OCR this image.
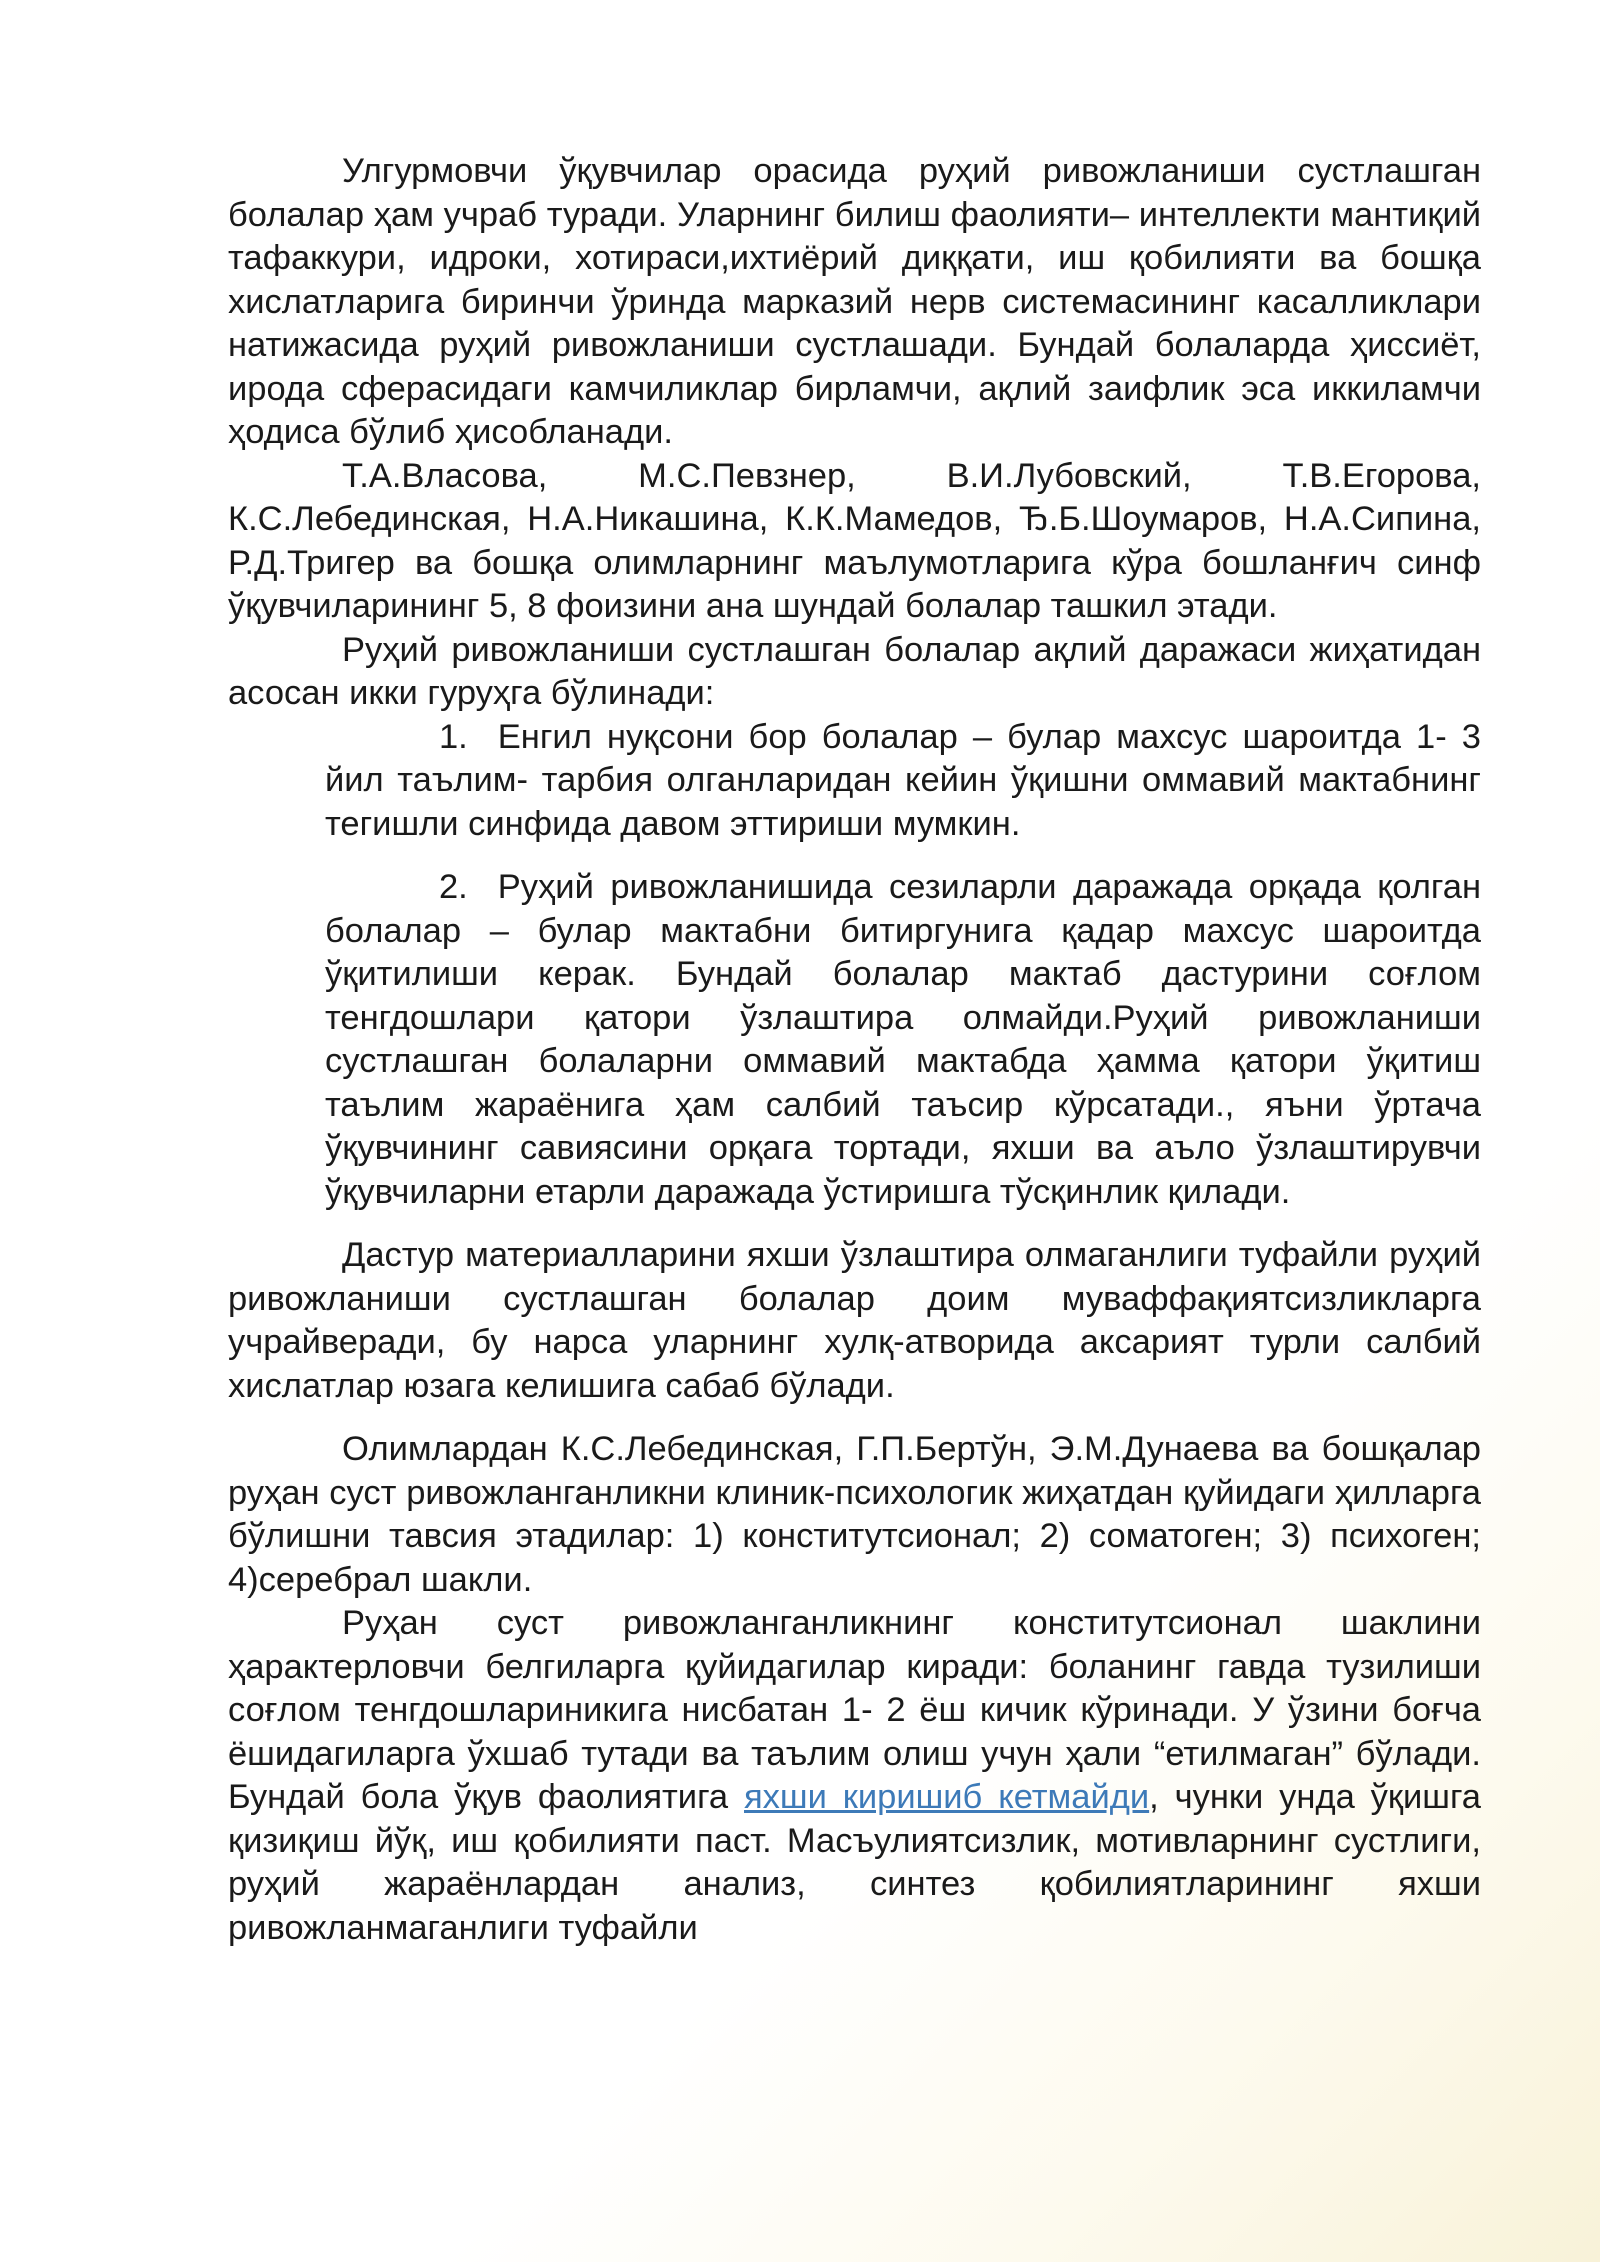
Улгурмовчи ўқувчилар орасида руҳий ривожланиши сустлашган болалар ҳам учраб туради. Уларнинг билиш фаолияти– интеллекти мантиқий тафаккури, идроки, хотираси,ихтиёрий диққати, иш қобилияти ва бошқа хислатларига биринчи ўринда марказий нерв системасининг касалликлари натижасида руҳий ривожланиши сустлашади. Бундай болаларда ҳиссиёт, ирода сферасидаги камчиликлар бирламчи, ақлий заифлик эса иккиламчи ҳодиса бўлиб ҳисобланади.

Т.А.Власова, М.С.Певзнер, В.И.Лубовский, Т.В.Егорова, К.С.Лебединская, Н.А.Никашина, К.К.Мамедов, Ђ.Б.Шоумаров, Н.А.Сипина, Р.Д.Тригер ва бошқа олимларнинг маълумотларига кўра бошланғич синф ўқувчиларининг 5, 8 фоизини ана шундай болалар ташкил этади.

Руҳий ривожланиши сустлашган болалар ақлий даражаси жиҳатидан асосан икки гуруҳга бўлинади:

1. Енгил нуқсони бор болалар – булар махсус шароитда 1- 3 йил таълим- тарбия олганларидан кейин ўқишни оммавий мактабнинг тегишли синфида давом эттириши мумкин.
2. Руҳий ривожланишида сезиларли даражада орқада қолган болалар – булар мактабни битиргунига қадар махсус шароитда ўқитилиши керак. Бундай болалар мактаб дастурини соғлом тенгдошлари қатори ўзлаштира олмайди.Руҳий ривожланиши сустлашган болаларни оммавий мактабда ҳамма қатори ўқитиш таълим жараёнига ҳам салбий таъсир кўрсатади., яъни ўртача ўқувчининг савиясини орқага тортади, яхши ва аъло ўзлаштирувчи ўқувчиларни етарли даражада ўстиришга тўсқинлик қилади.

Дастур материалларини яхши ўзлаштира олмаганлиги туфайли руҳий ривожланиши сустлашган болалар доим муваффақиятсизликларга учрайверади, бу нарса уларнинг хулқ-атворида аксарият турли салбий хислатлар юзага келишига сабаб бўлади.

Олимлардан К.С.Лебединская, Г.П.Бертўн, Э.М.Дунаева ва бошқалар руҳан суст ривожланганликни клиник-психологик жиҳатдан қуйидаги ҳилларга бўлишни тавсия этадилар: 1) конститутсионал; 2) соматоген; 3) психоген; 4)серебрал шакли.

Руҳан суст ривожланганликнинг конститутсионал шаклини ҳарактерловчи белгиларга қуйидагилар киради: боланинг гавда тузилиши соғлом тенгдошлариникига нисбатан 1- 2 ёш кичик кўринади. У ўзини боғча ёшидагиларга ўхшаб тутади ва таълим олиш учун ҳали “етилмаган” бўлади. Бундай бола ўқув фаолиятига яхши киришиб кетмайди, чунки унда ўқишга қизиқиш йўқ, иш қобилияти паст. Масъулиятсизлик, мотивларнинг сустлиги, руҳий жараёнлардан анализ, синтез қобилиятларининг яхши ривожланмаганлиги туфайли
